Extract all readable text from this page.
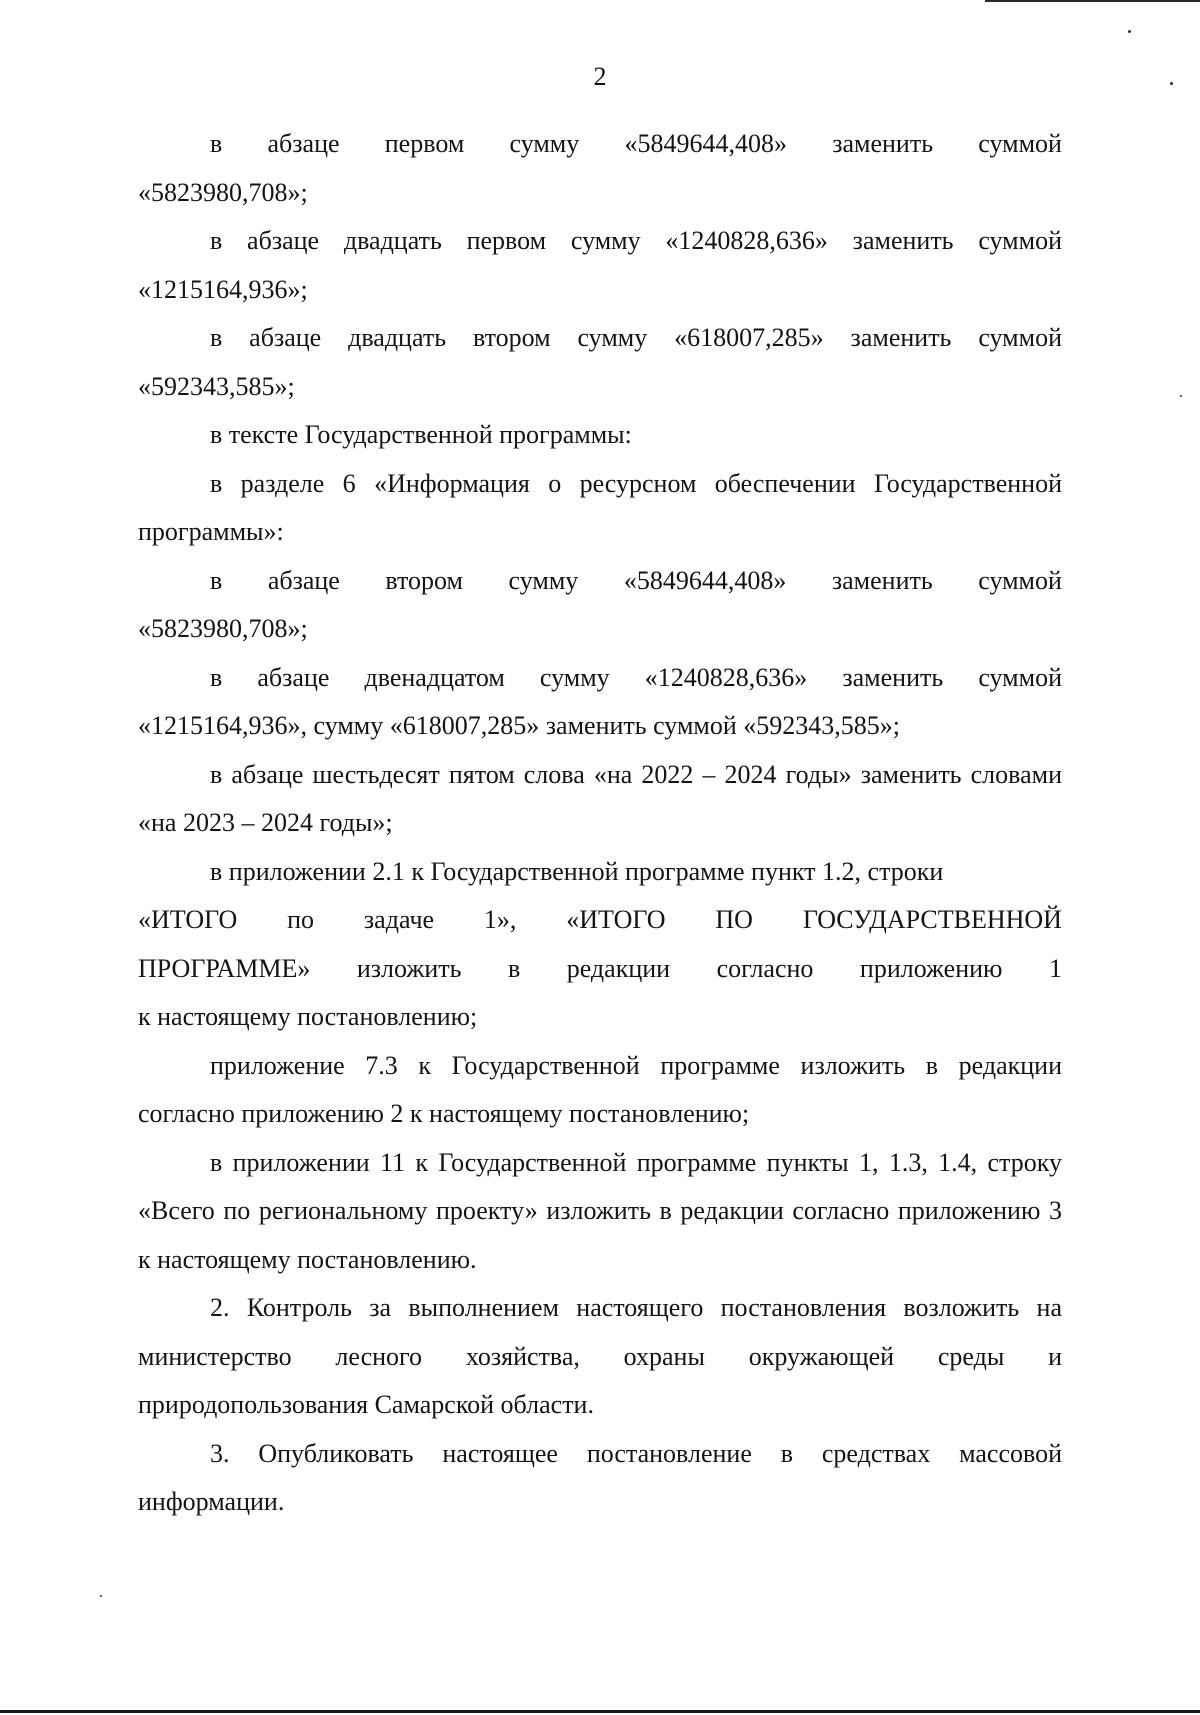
2
в абзаце первом сумму «5849644,408» заменить суммой
«5823980,708»;
в абзаце двадцать первом сумму «1240828,636» заменить суммой «1215164,936»;
в абзаце двадцать втором сумму «618007,285» заменить суммой «592343,585»;
в тексте Государственной программы:
в разделе 6 «Информация о ресурсном обеспечении Государственной программы»:
в абзаце втором сумму «5849644,408» заменить суммой
«5823980,708»;
в абзаце двенадцатом сумму «1240828,636» заменить суммой «1215164,936», сумму «618007,285» заменить суммой «592343,585»;
в абзаце шестьдесят пятом слова «на 2022 – 2024 годы» заменить словами «на 2023 – 2024 годы»;
в приложении 2.1 к Государственной программе пункт 1.2, строки
«ИТОГО по задаче 1», «ИТОГО ПО ГОСУДАРСТВЕННОЙ
ПРОГРАММЕ» изложить в редакции согласно приложению 1
к настоящему постановлению;
приложение 7.3 к Государственной программе изложить в редакции согласно приложению 2 к настоящему постановлению;
в приложении 11 к Государственной программе пункты 1, 1.3, 1.4, строку «Всего по региональному проекту» изложить в редакции согласно приложению 3 к настоящему постановлению.
2. Контроль за выполнением настоящего постановления возложить на министерство лесного хозяйства, охраны окружающей среды и природопользования Самарской области.
3. Опубликовать настоящее постановление в средствах массовой информации.
